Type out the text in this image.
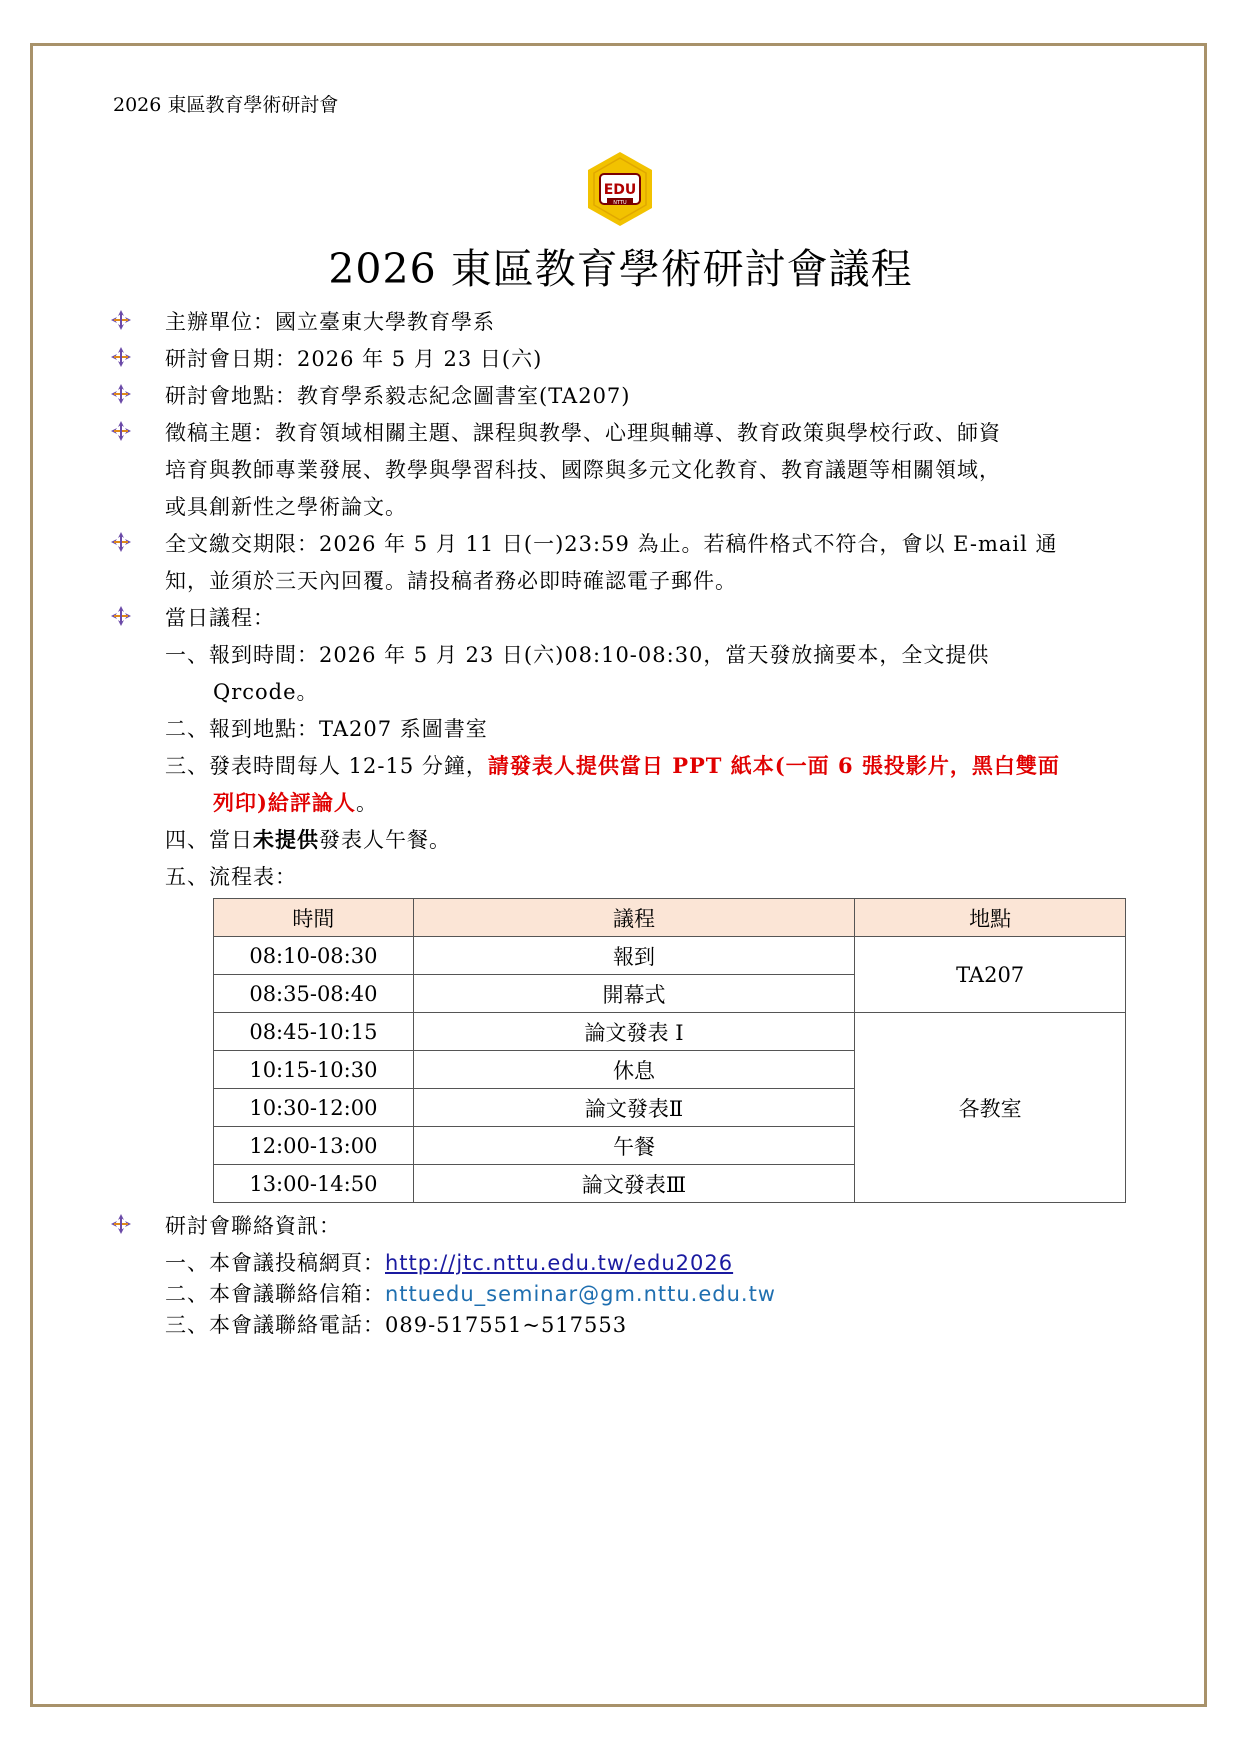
2026 東區教育學術研討會
EDU
NTTU
2026 東區教育學術研討會議程
主辦單位：國立臺東大學教育學系
研討會日期：2026 年 5 月 23 日(六)
研討會地點：教育學系毅志紀念圖書室(TA207)
徵稿主題：教育領域相關主題、課程與教學、心理與輔導、教育政策與學校行政、師資
培育與教師專業發展、教學與學習科技、國際與多元文化教育、教育議題等相關領域，
或具創新性之學術論文。
全文繳交期限：2026 年 5 月 11 日(一)23:59 為止。若稿件格式不符合，會以 E-mail 通
知，並須於三天內回覆。請投稿者務必即時確認電子郵件。
當日議程：
一、報到時間：2026 年 5 月 23 日(六)08:10-08:30，當天發放摘要本，全文提供
Qrcode。
二、報到地點：TA207 系圖書室
三、發表時間每人 12-15 分鐘，請發表人提供當日 PPT 紙本(一面 6 張投影片，黑白雙面
列印)給評論人。
四、當日未提供發表人午餐。
五、流程表：
時間	議程	地點
08:10-08:30	報到	TA207
08:35-08:40	開幕式	
08:45-10:15	論文發表 I	各教室
10:15-10:30	休息	
10:30-12:00	論文發表Ⅱ	
12:00-13:00	午餐	
13:00-14:50	論文發表Ⅲ	
研討會聯絡資訊：
一、本會議投稿網頁：http://jtc.nttu.edu.tw/edu2026
二、本會議聯絡信箱：nttuedu_seminar@gm.nttu.edu.tw
三、本會議聯絡電話：089-517551~517553
